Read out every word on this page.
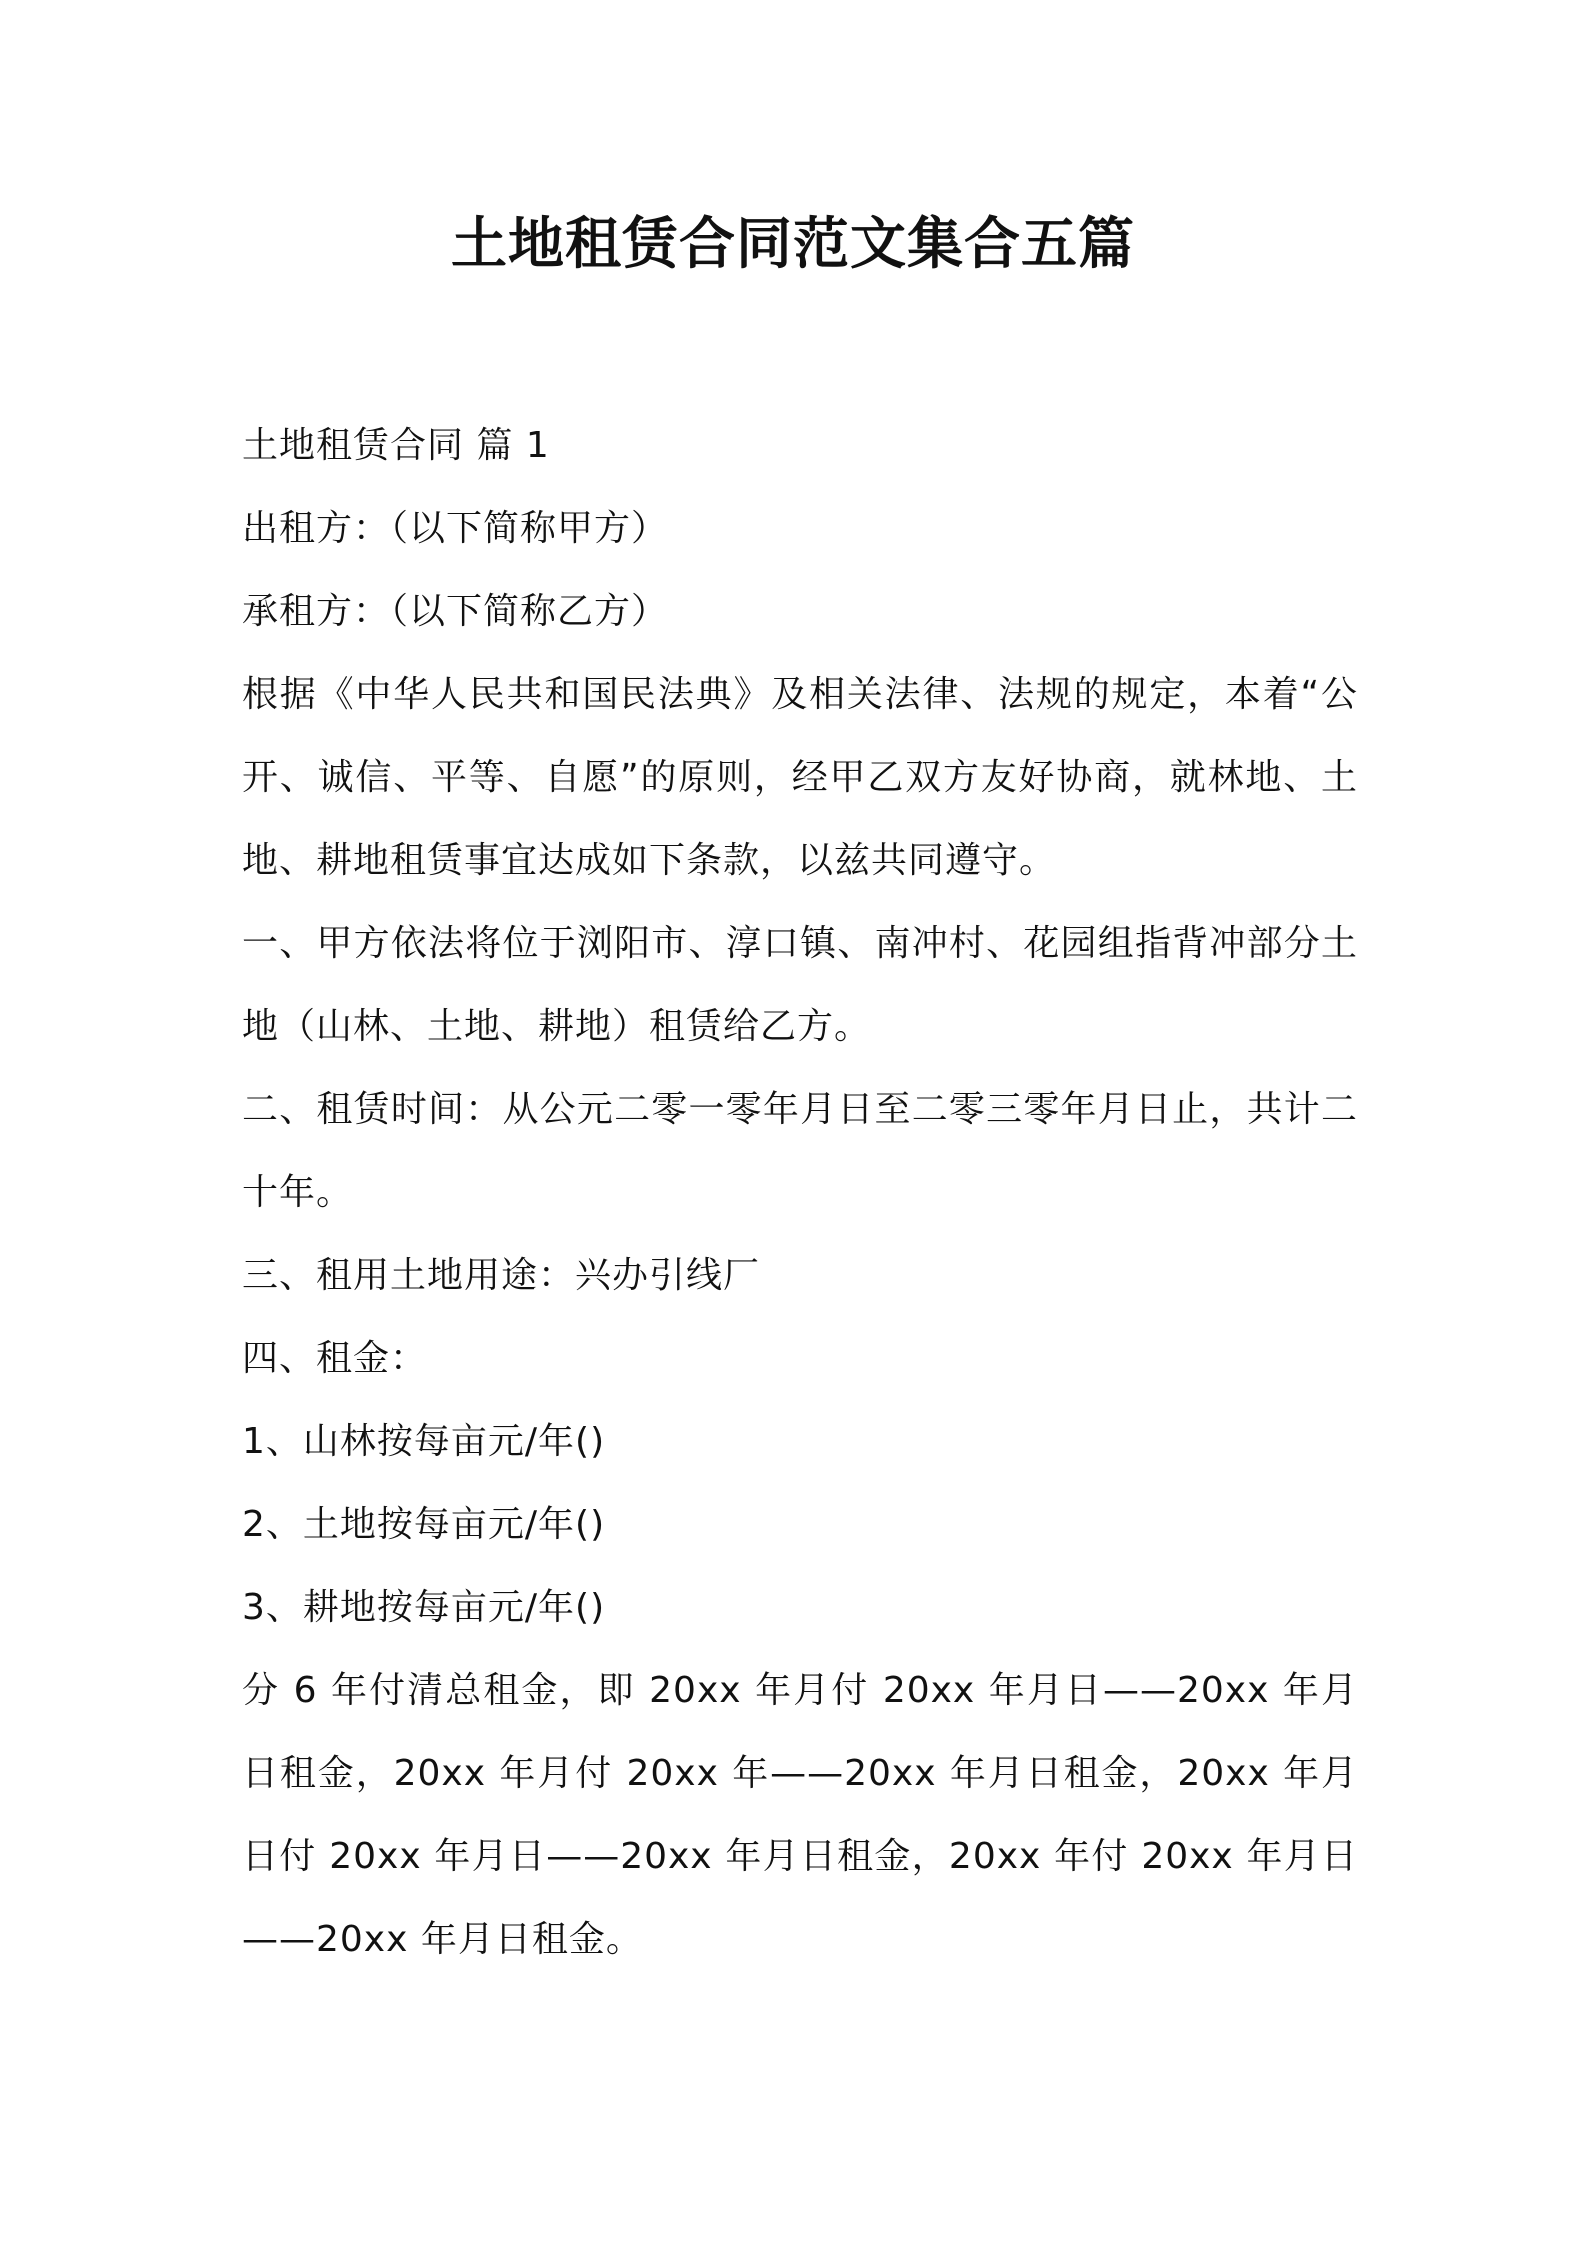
土地租赁合同范文集合五篇

土地租赁合同 篇 1

出租方：（以下简称甲方）

承租方：（以下简称乙方）

根据《中华人民共和国民法典》及相关法律、法规的规定，本着“公开、诚信、平等、自愿”的原则，经甲乙双方友好协商，就林地、土地、耕地租赁事宜达成如下条款，以兹共同遵守。

一、甲方依法将位于浏阳市、淳口镇、南冲村、花园组指背冲部分土地（山林、土地、耕地）租赁给乙方。

二、租赁时间：从公元二零一零年月日至二零三零年月日止，共计二十年。

三、租用土地用途：兴办引线厂

四、租金：

1、山林按每亩元/年()

2、土地按每亩元/年()

3、耕地按每亩元/年()

分 6 年付清总租金，即 20xx 年月付 20xx 年月日——20xx 年月日租金，20xx 年月付 20xx 年——20xx 年月日租金，20xx 年月日付 20xx 年月日——20xx 年月日租金，20xx 年付 20xx 年月日——20xx 年月日租金。
